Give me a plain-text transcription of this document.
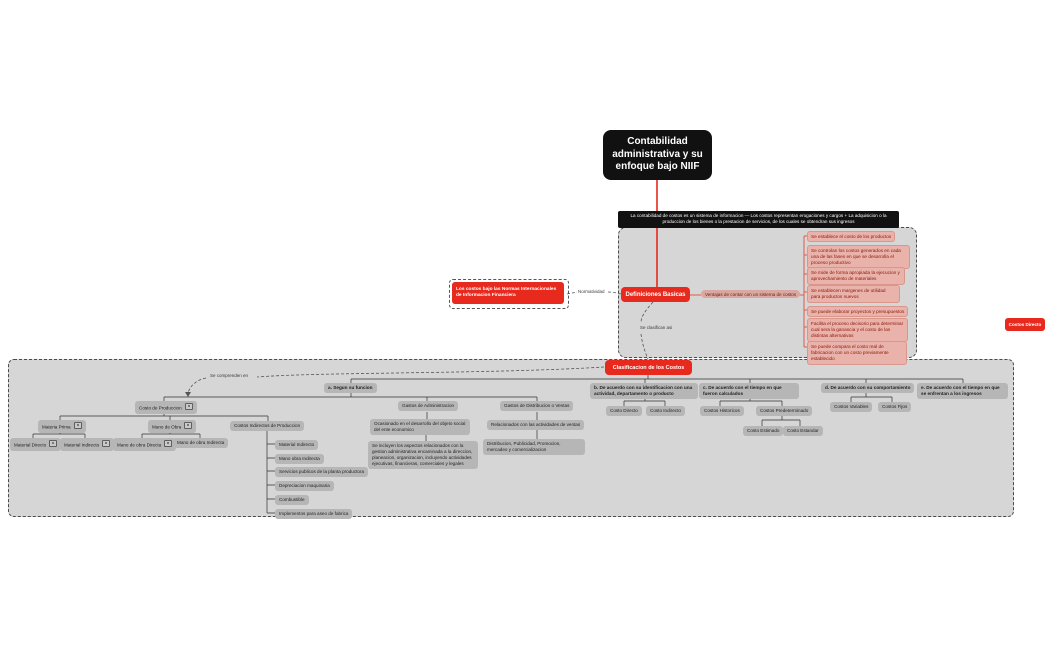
Contabilidad administrativa y su enfoque bajo NIIF
La contabilidad de costos es un sistema de informacion — Los costos representan erogaciones y cargos + La adquisicion o la produccion de los bienes o la prestacion de servicios, de los cuales se obtendran sus ingresos
Los costos bajo las Normas Internacionales de Informacion Financiera
Normatividad	Definiciones Basicas	Ventajas de contar con un sistema de costos
Se clasifican asi
Se establece el costo de los productos
Se controlan los costos generados en cada una de las fases en que se desarrolla el proceso productivo
Se mide de forma apropiada la ejecucion y aprovechamiento de materiales
Se establecen margenes de utilidad para productos nuevos
Se puede elaborar proyectos y presupuestos
Facilita el proceso decisorio para determinar cual sera la ganancia y el costo de las distintas alternativas
Se puede compara el costo real de fabricacion con un costo previamente establecido
Clasificacion de los Costos
Se comprenden en
a. Segun su funcion
Costo de Produccion
Materia Prima	Mano de Obra	Costos Indirectos de Produccion
Material Directo	Material Indirecto	Mano de obra Directa	Mano de obra Indirecta	Material Indirecto
Mano obra Indirecta
Servicios publicos de la planta productora
Depreciacion maquinaria
Combustible
Implementos para aseo de fabrica
Gastos de Administracion
Ocasionado en el desarrollo del objeto social del ente economico
Se incluyen los aspectos relacionados con la gestion administrativa encaminada a la direccion, planeacion, organizacion, incluyendo actividades ejecutivas, financieras, comerciales y legales
Gastos de Distribucion o Ventas
Relacionados con las actividades de ventas
Distribucion, Publicidad, Promocion, mercadeo y comercializacion
b. De acuerdo con su identificacion con una actividad, departamento o producto
Costo Directo	Costo Indirecto
c. De acuerdo con el tiempo en que fueron calculados
Costos Historicos	Costos Predeterminado
Costo Estimado	Costo Estandar
d. De acuerdo con su comportamiento
Costos Variables	Costos Fijos
e. De acuerdo con el tiempo en que se enfrentan a los ingresos
Costos Directo
